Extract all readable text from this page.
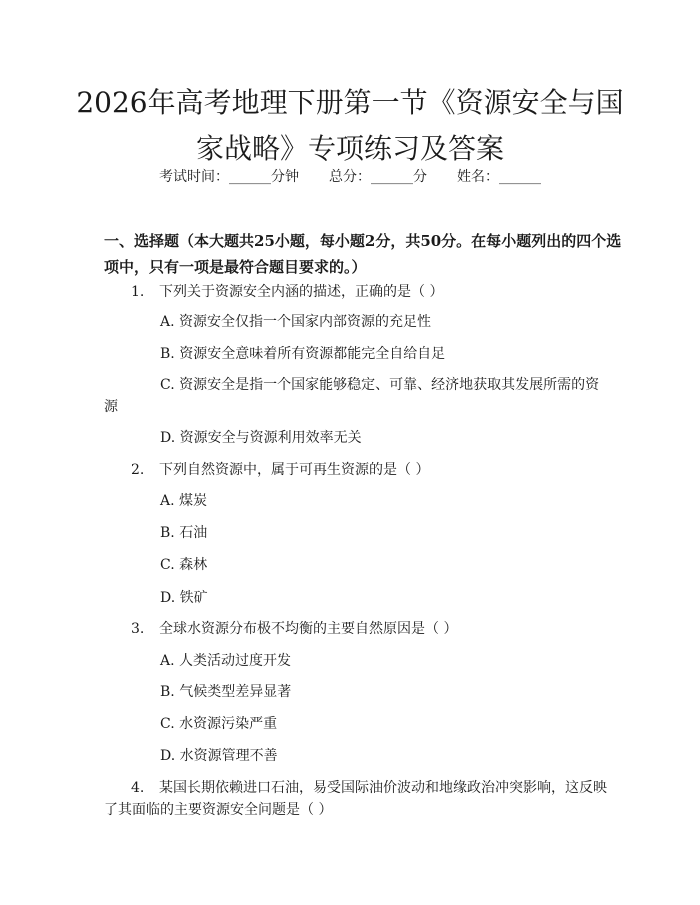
2026年高考地理下册第一节《资源安全与国
家战略》专项练习及答案
考试时间：______分钟 总分：______分 姓名：______
一、选择题（本大题共25小题，每小题2分，共50分。在每小题列出的四个选
项中，只有一项是最符合题目要求的。）
1. 下列关于资源安全内涵的描述，正确的是（ ）
A. 资源安全仅指一个国家内部资源的充足性
B. 资源安全意味着所有资源都能完全自给自足
C. 资源安全是指一个国家能够稳定、可靠、经济地获取其发展所需的资
源
D. 资源安全与资源利用效率无关
2. 下列自然资源中，属于可再生资源的是（ ）
A. 煤炭
B. 石油
C. 森林
D. 铁矿
3. 全球水资源分布极不均衡的主要自然原因是（ ）
A. 人类活动过度开发
B. 气候类型差异显著
C. 水资源污染严重
D. 水资源管理不善
4. 某国长期依赖进口石油，易受国际油价波动和地缘政治冲突影响，这反映
了其面临的主要资源安全问题是（ ）
